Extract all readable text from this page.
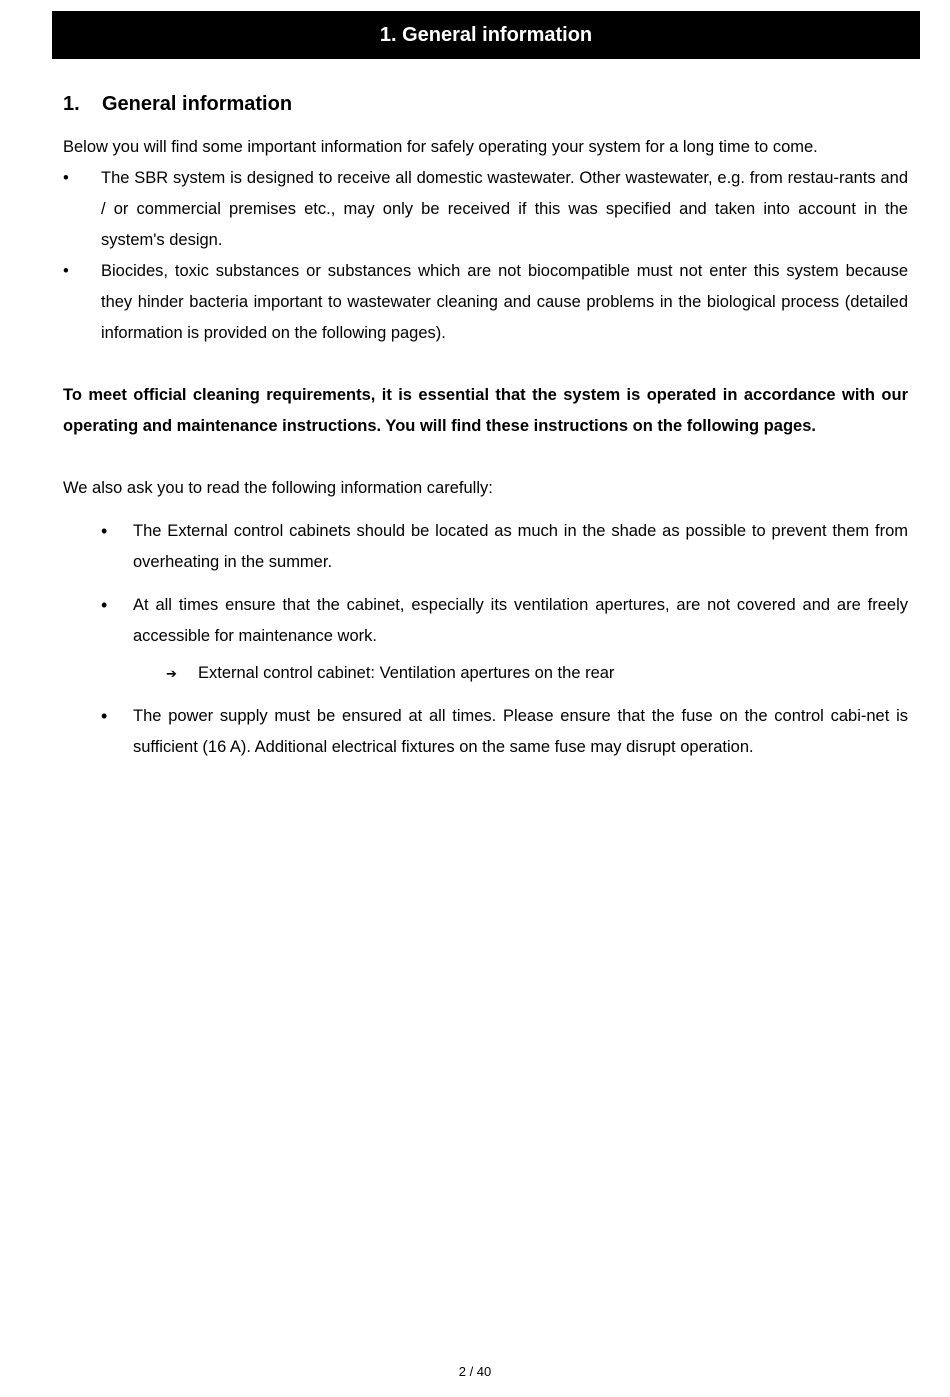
1. General information
1.	General information

Below you will find some important information for safely operating your system for a long time to come.

• The SBR system is designed to receive all domestic wastewater. Other wastewater, e.g. from restau-rants and / or commercial premises etc., may only be received if this was specified and taken into account in the system's design.
• Biocides, toxic substances or substances which are not biocompatible must not enter this system because they hinder bacteria important to wastewater cleaning and cause problems in the biological process (detailed information is provided on the following pages).

To meet official cleaning requirements, it is essential that the system is operated in accordance with our operating and maintenance instructions. You will find these instructions on the following pages.

We also ask you to read the following information carefully:

• The External control cabinets should be located as much in the shade as possible to prevent them from overheating in the summer.
• At all times ensure that the cabinet, especially its ventilation apertures, are not covered and are freely accessible for maintenance work.
➔ External control cabinet: Ventilation apertures on the rear
• The power supply must be ensured at all times. Please ensure that the fuse on the control cabi-net is sufficient (16 A). Additional electrical fixtures on the same fuse may disrupt operation.
2 / 40
